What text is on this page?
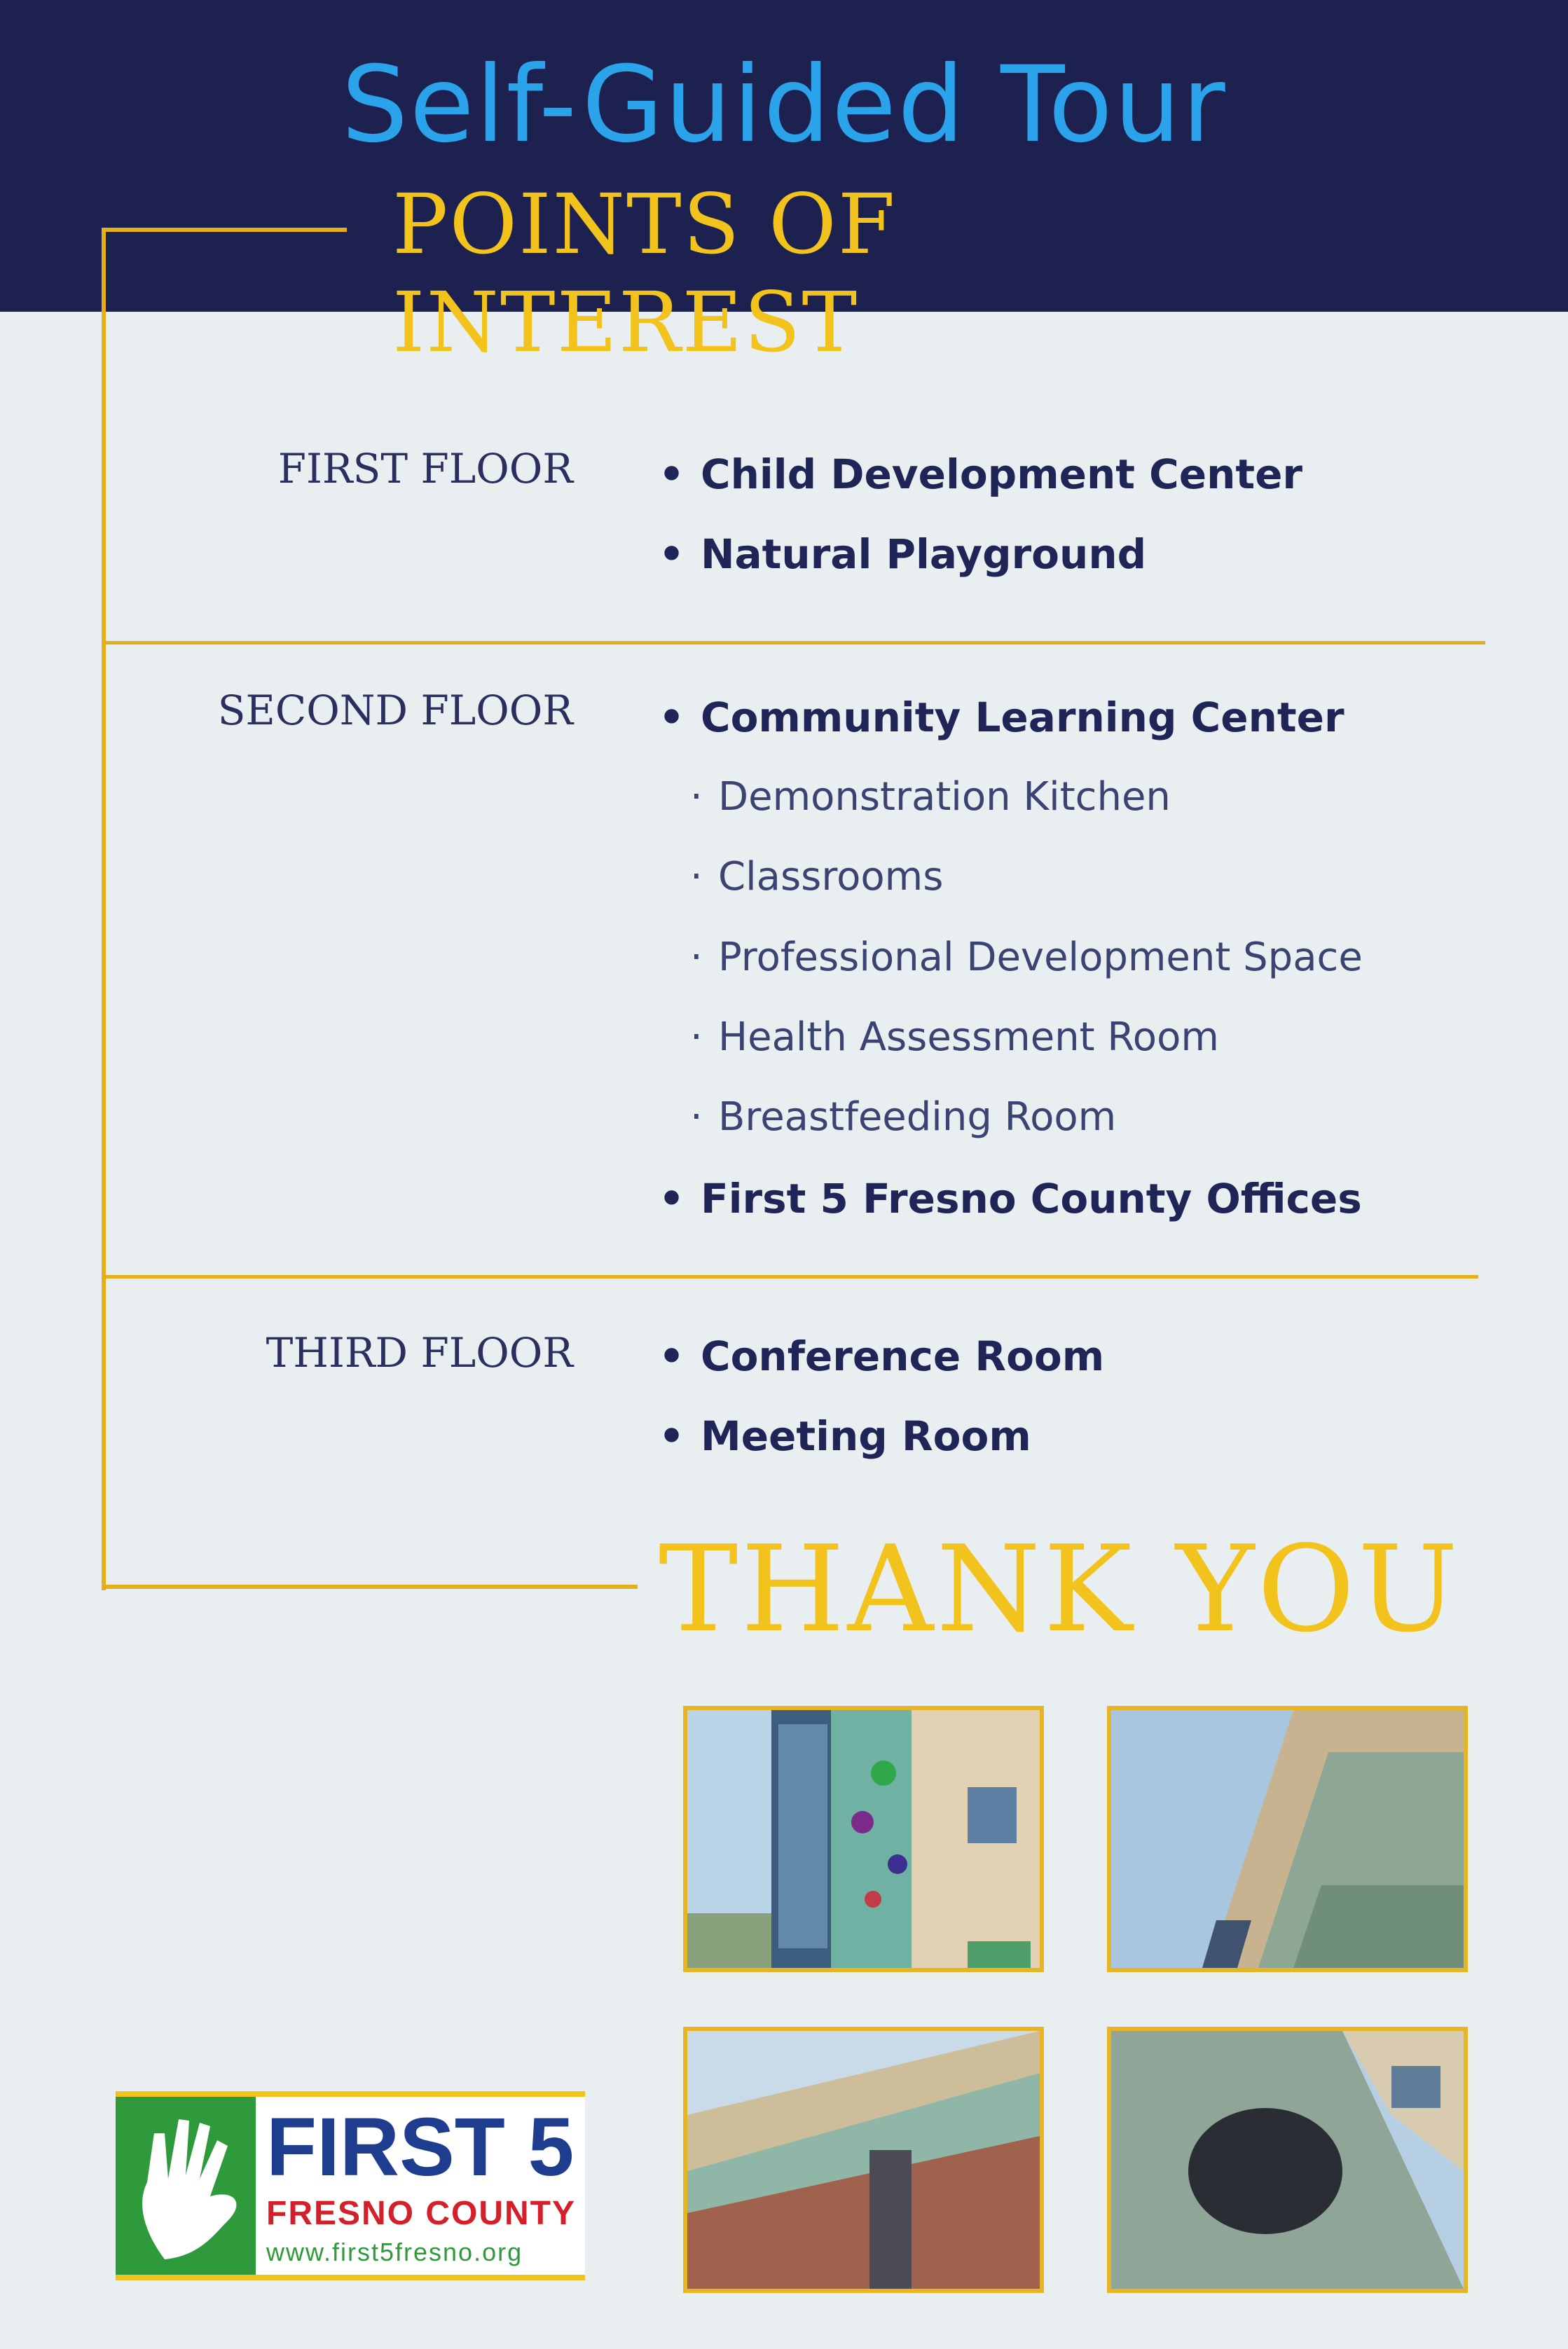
Self-Guided Tour
POINTS OF INTEREST
FIRST FLOOR
SECOND FLOOR
THIRD FLOOR
• Child Development Center
• Natural Playground
• Community Learning Center
· Demonstration Kitchen
· Classrooms
· Professional Development Space
· Health Assessment Room
· Breastfeeding Room
• First 5 Fresno County Offices
• Conference Room
• Meeting Room
THANK YOU
FIRST 5
FRESNO COUNTY
www.first5fresno.org
